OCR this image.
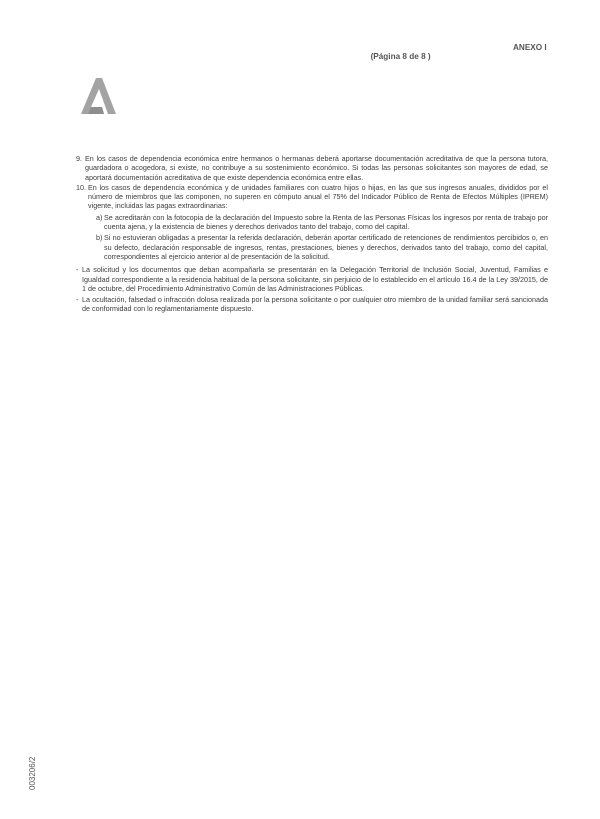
(Página 8 de 8 )

ANEXO I

9. En los casos de dependencia económica entre hermanos o hermanas deberá aportarse documentación acreditativa de que la persona tutora, guardadora o acogedora, si existe, no contribuye a su sostenimiento económico. Si todas las personas solicitantes son mayores de edad, se aportará documentación acreditativa de que existe dependencia económica entre ellas.
10. En los casos de dependencia económica y de unidades familiares con cuatro hijos o hijas, en las que sus ingresos anuales, divididos por el número de miembros que las componen, no superen en cómputo anual el 75% del Indicador Público de Renta de Efectos Múltiples (IPREM) vigente, incluidas las pagas extraordinarias:
a) Se acreditarán con la fotocopia de la declaración del Impuesto sobre la Renta de las Personas Físicas los ingresos por renta de trabajo por cuenta ajena, y la existencia de bienes y derechos derivados tanto del trabajo, como del capital.
b) Si no estuvieran obligadas a presentar la referida declaración, deberán aportar certificado de retenciones de rendimientos percibidos o, en su defecto, declaración responsable de ingresos, rentas, prestaciones, bienes y derechos, derivados tanto del trabajo, como del capital, correspondientes al ejercicio anterior al de presentación de la solicitud.
- La solicitud y los documentos que deban acompañarla se presentarán en la Delegación Territorial de Inclusión Social, Juventud, Familias e Igualdad correspondiente a la residencia habitual de la persona solicitante, sin perjuicio de lo establecido en el artículo 16.4 de la Ley 39/2015, de 1 de octubre, del Procedimiento Administrativo Común de las Administraciones Públicas.
- La ocultación, falsedad o infracción dolosa realizada por la persona solicitante o por cualquier otro miembro de la unidad familiar será sancionada de conformidad con lo reglamentariamente dispuesto.
003206/2
